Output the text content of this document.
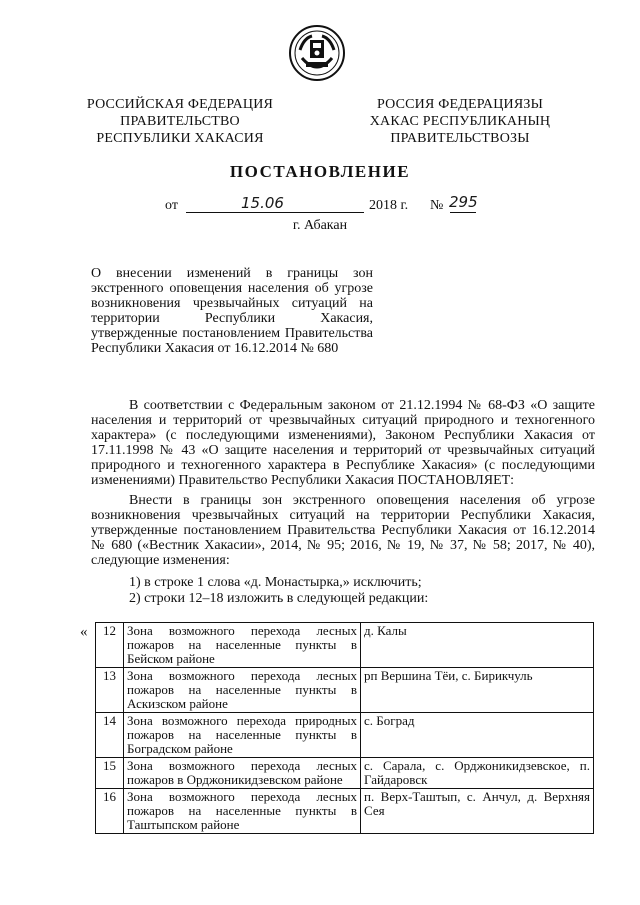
РОССИЙСКАЯ ФЕДЕРАЦИЯ
ПРАВИТЕЛЬСТВО
РЕСПУБЛИКИ ХАКАСИЯ
РОССИЯ ФЕДЕРАЦИЯЗЫ
ХАКАС РЕСПУБЛИКАНЫҢ
ПРАВИТЕЛЬСТВОЗЫ
ПОСТАНОВЛЕНИЕ
от	15.06	2018 г. № 295
г. Абакан
О внесении изменений в границы зон экстренного оповещения населения об угрозе возникновения чрезвычайных ситуаций на территории Республики Хакасия, утвержденные постановлением Правительства Республики Хакасия от 16.12.2014 № 680
В соответствии с Федеральным законом от 21.12.1994 № 68-ФЗ «О защите населения и территорий от чрезвычайных ситуаций природного и техногенного характера» (с последующими изменениями), Законом Республики Хакасия от 17.11.1998 № 43 «О защите населения и территорий от чрезвычайных ситуаций природного и техногенного характера в Республике Хакасия» (с последующими изменениями) Правительство Республики Хакасия ПОСТАНОВЛЯЕТ:
Внести в границы зон экстренного оповещения населения об угрозе возникновения чрезвычайных ситуаций на территории Республики Хакасия, утвержденные постановлением Правительства Республики Хакасия от 16.12.2014 № 680 («Вестник Хакасии», 2014, № 95; 2016, № 19, № 37, № 58; 2017, № 40), следующие изменения:
1) в строке 1 слова «д. Монастырка,» исключить;
2) строки 12–18 изложить в следующей редакции:
« 12	Зона возможного перехода лесных пожаров на населенные пункты в Бейском районе	д. Калы
13	Зона возможного перехода лесных пожаров на населенные пункты в Аскизском районе	рп Вершина Тёи, с. Бирикчуль
14	Зона возможного перехода природных пожаров на населенные пункты в Боградском районе	с. Боград
15	Зона возможного перехода лесных пожаров в Орджоникидзевском районе	с. Сарала, с. Орджоникидзевское, п. Гайдаровск
16	Зона возможного перехода лесных пожаров на населенные пункты в Таштыпском районе	п. Верх-Таштып, с. Анчул, д. Верхняя Сея
